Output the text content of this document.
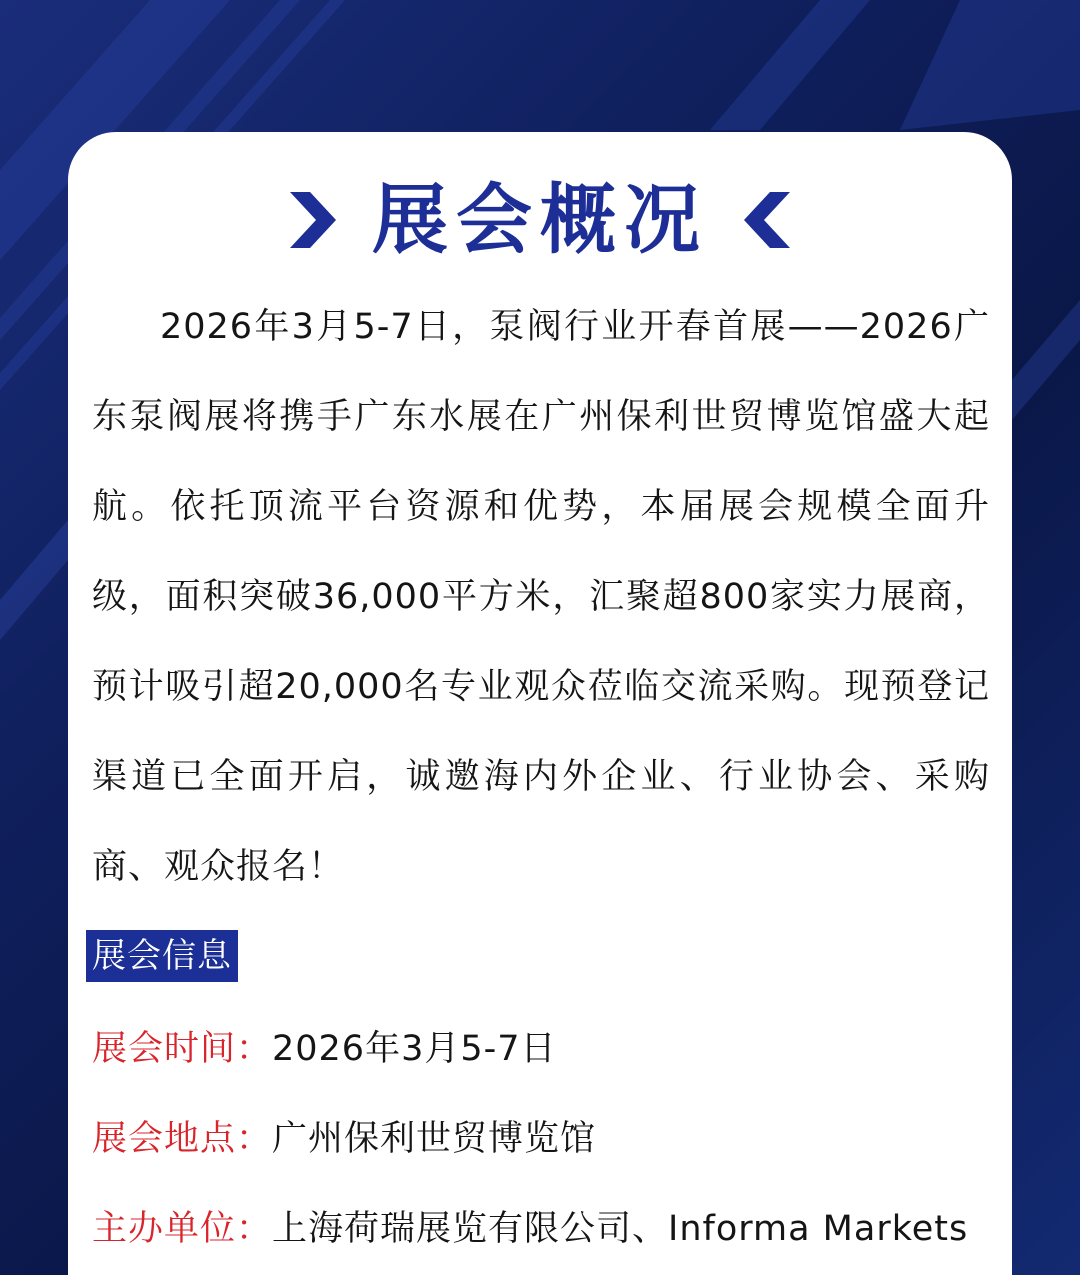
展会概况

2026年3月5-7日，泵阀行业开春首展——2026广东泵阀展将携手广东水展在广州保利世贸博览馆盛大起航。依托顶流平台资源和优势，本届展会规模全面升级，面积突破36,000平方米，汇聚超800家实力展商，预计吸引超20,000名专业观众莅临交流采购。现预登记渠道已全面开启，诚邀海内外企业、行业协会、采购商、观众报名！

展会信息
展会时间： 2026年3月5-7日
展会地点： 广州保利世贸博览馆
主办单位： 上海荷瑞展览有限公司、Informa Markets
